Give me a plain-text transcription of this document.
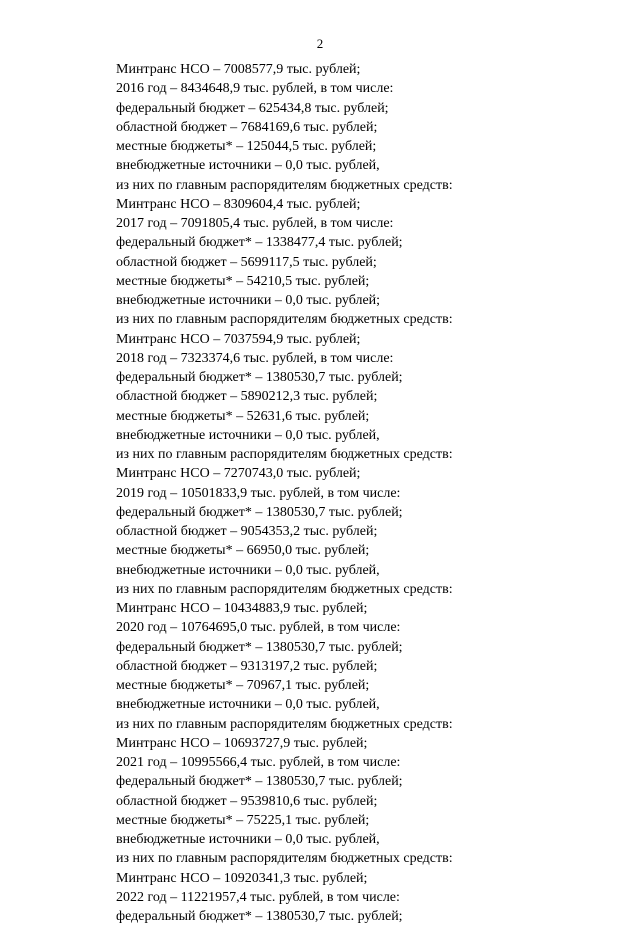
2
Минтранс НСО – 7008577,9 тыс. рублей;
2016 год – 8434648,9 тыс. рублей, в том числе:
федеральный бюджет – 625434,8 тыс. рублей;
областной бюджет – 7684169,6 тыс. рублей;
местные бюджеты* – 125044,5 тыс. рублей;
внебюджетные источники – 0,0 тыс. рублей,
из них по главным распорядителям бюджетных средств:
Минтранс НСО – 8309604,4 тыс. рублей;
2017 год – 7091805,4 тыс. рублей, в том числе:
федеральный бюджет* – 1338477,4 тыс. рублей;
областной бюджет – 5699117,5 тыс. рублей;
местные бюджеты* – 54210,5 тыс. рублей;
внебюджетные источники – 0,0 тыс. рублей;
из них по главным распорядителям бюджетных средств:
Минтранс НСО – 7037594,9 тыс. рублей;
2018 год – 7323374,6 тыс. рублей, в том числе:
федеральный бюджет* – 1380530,7 тыс. рублей;
областной бюджет – 5890212,3 тыс. рублей;
местные бюджеты* – 52631,6 тыс. рублей;
внебюджетные источники – 0,0 тыс. рублей,
из них по главным распорядителям бюджетных средств:
Минтранс НСО – 7270743,0 тыс. рублей;
2019 год – 10501833,9 тыс. рублей, в том числе:
федеральный бюджет* – 1380530,7 тыс. рублей;
областной бюджет – 9054353,2 тыс. рублей;
местные бюджеты* – 66950,0 тыс. рублей;
внебюджетные источники – 0,0 тыс. рублей,
из них по главным распорядителям бюджетных средств:
Минтранс НСО – 10434883,9 тыс. рублей;
2020 год – 10764695,0 тыс. рублей, в том числе:
федеральный бюджет* – 1380530,7 тыс. рублей;
областной бюджет – 9313197,2 тыс. рублей;
местные бюджеты* – 70967,1 тыс. рублей;
внебюджетные источники – 0,0 тыс. рублей,
из них по главным распорядителям бюджетных средств:
Минтранс НСО – 10693727,9 тыс. рублей;
2021 год – 10995566,4 тыс. рублей, в том числе:
федеральный бюджет* – 1380530,7 тыс. рублей;
областной бюджет – 9539810,6 тыс. рублей;
местные бюджеты* – 75225,1 тыс. рублей;
внебюджетные источники – 0,0 тыс. рублей,
из них по главным распорядителям бюджетных средств:
Минтранс НСО – 10920341,3 тыс. рублей;
2022 год – 11221957,4 тыс. рублей, в том числе:
федеральный бюджет* – 1380530,7 тыс. рублей;
